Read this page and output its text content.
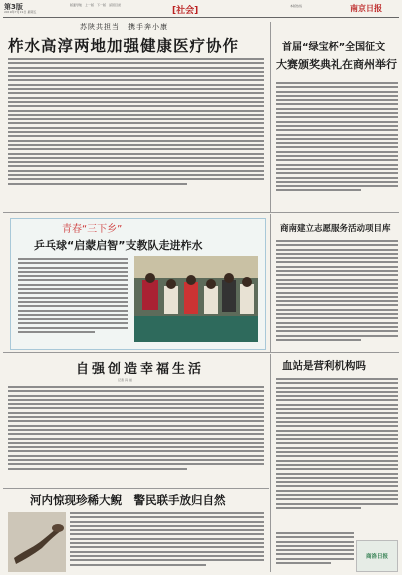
第3版
2019年7月12日 星期五
版面导航　上一版　下一版　返回目录
[社会]	本版热线	南京日报
苏陕共担当　携手奔小康
柞水高淳两地加强健康医疗协作	首届“绿宝杯”全国征文
大赛颁奖典礼在商州举行
青春“三下乡”
乒乓球“启蒙启智”支教队走进柞水
商南建立志愿服务活动项目库
自强创造幸福生活
记者 冯 旭
血站是营利机构吗
商洛日报
河内惊现珍稀大鲵　警民联手放归自然
